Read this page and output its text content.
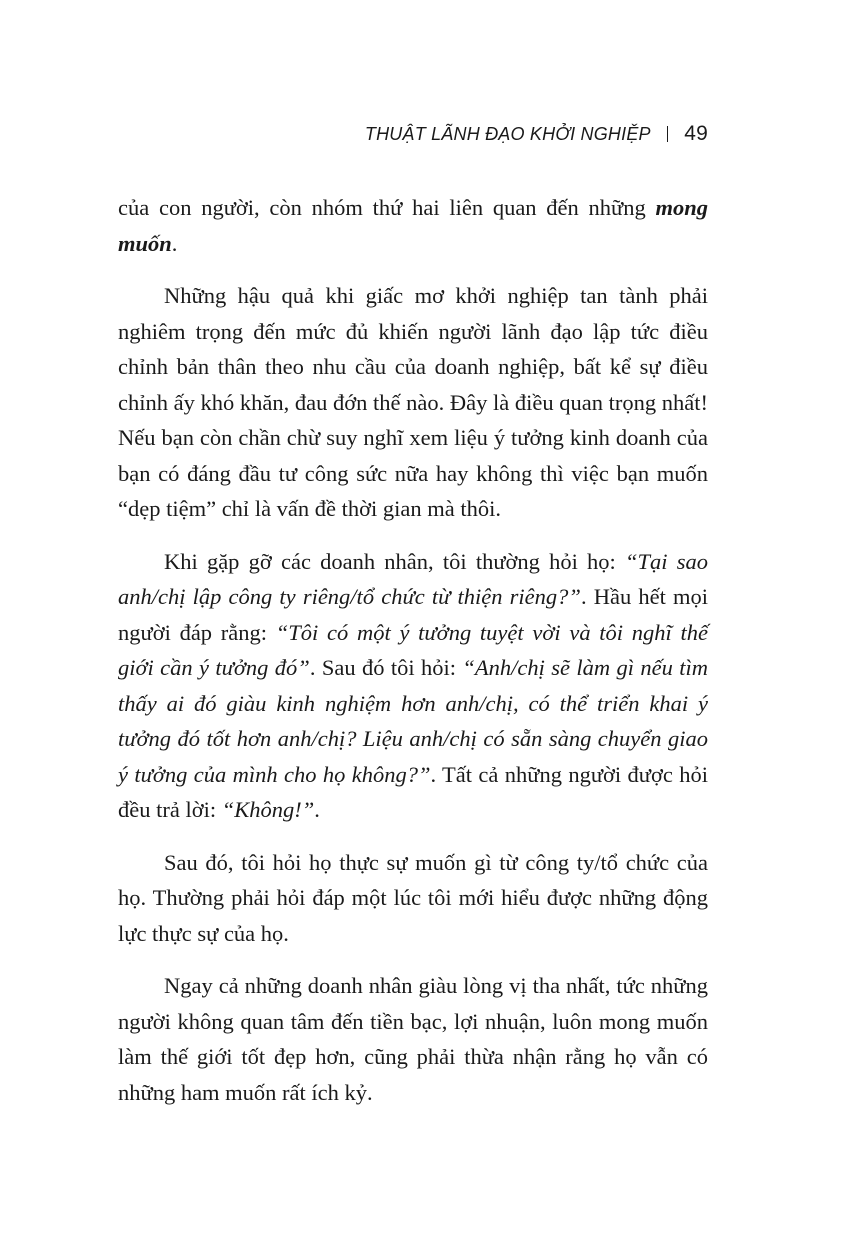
THUẬT LÃNH ĐẠO KHỞI NGHIỆP 49

của con người, còn nhóm thứ hai liên quan đến những mong muốn.

Những hậu quả khi giấc mơ khởi nghiệp tan tành phải nghiêm trọng đến mức đủ khiến người lãnh đạo lập tức điều chỉnh bản thân theo nhu cầu của doanh nghiệp, bất kể sự điều chỉnh ấy khó khăn, đau đớn thế nào. Đây là điều quan trọng nhất! Nếu bạn còn chần chừ suy nghĩ xem liệu ý tưởng kinh doanh của bạn có đáng đầu tư công sức nữa hay không thì việc bạn muốn “dẹp tiệm” chỉ là vấn đề thời gian mà thôi.

Khi gặp gỡ các doanh nhân, tôi thường hỏi họ: “Tại sao anh/chị lập công ty riêng/tổ chức từ thiện riêng?”. Hầu hết mọi người đáp rằng: “Tôi có một ý tưởng tuyệt vời và tôi nghĩ thế giới cần ý tưởng đó”. Sau đó tôi hỏi: “Anh/chị sẽ làm gì nếu tìm thấy ai đó giàu kinh nghiệm hơn anh/chị, có thể triển khai ý tưởng đó tốt hơn anh/chị? Liệu anh/chị có sẵn sàng chuyển giao ý tưởng của mình cho họ không?”. Tất cả những người được hỏi đều trả lời: “Không!”.

Sau đó, tôi hỏi họ thực sự muốn gì từ công ty/tổ chức của họ. Thường phải hỏi đáp một lúc tôi mới hiểu được những động lực thực sự của họ.

Ngay cả những doanh nhân giàu lòng vị tha nhất, tức những người không quan tâm đến tiền bạc, lợi nhuận, luôn mong muốn làm thế giới tốt đẹp hơn, cũng phải thừa nhận rằng họ vẫn có những ham muốn rất ích kỷ.
